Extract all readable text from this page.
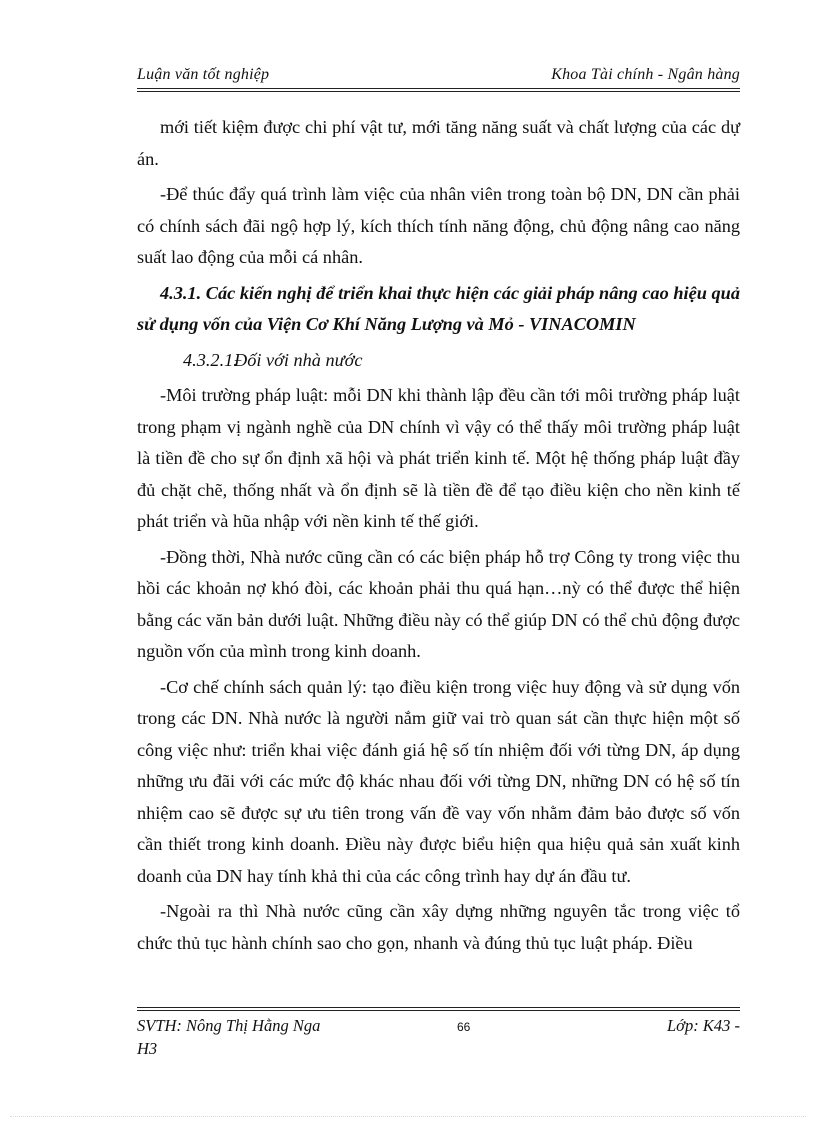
Luận văn tốt nghiệp	Khoa Tài chính - Ngân hàng

mới tiết kiệm được chi phí vật tư, mới tăng năng suất và chất lượng của các dự án.

-Để thúc đẩy quá trình làm việc của nhân viên trong toàn bộ DN, DN cần phải có chính sách đãi ngộ hợp lý, kích thích tính năng động, chủ động nâng cao năng suất lao động của mỗi cá nhân.

4.3.1. Các kiến nghị để triển khai thực hiện các giải pháp nâng cao hiệu quả sử dụng vốn của Viện Cơ Khí Năng Lượng và Mỏ - VINACOMIN

4.3.2.1.Đối với nhà nước

-Môi trường pháp luật: mỗi DN khi thành lập đều cần tới môi trường pháp luật trong phạm vị ngành nghề của DN chính vì vậy có thể thấy môi trường pháp luật là tiền đề cho sự ổn định xã hội và phát triển kinh tế. Một hệ thống pháp luật đầy đủ chặt chẽ, thống nhất và ổn định sẽ là tiền đề để tạo điều kiện cho nền kinh tế phát triển và hũa nhập với nền kinh tế thế giới.

-Đồng thời, Nhà nước cũng cần có các biện pháp hỗ trợ Công ty trong việc thu hồi các khoản nợ khó đòi, các khoản phải thu quá hạn…nỳ có thể được thể hiện bằng các văn bản dưới luật. Những điều này có thể giúp DN có thể chủ động được nguồn vốn của mình trong kinh doanh.

-Cơ chế chính sách quản lý: tạo điều kiện trong việc huy động và sử dụng vốn trong các DN. Nhà nước là người nắm giữ vai trò quan sát cần thực hiện một số công việc như: triển khai việc đánh giá hệ số tín nhiệm đối với từng DN, áp dụng những ưu đãi với các mức độ khác nhau đối với từng DN, những DN có hệ số tín nhiệm cao sẽ được sự ưu tiên trong vấn đề vay vốn nhằm đảm bảo được số vốn cần thiết trong kinh doanh. Điều này được biểu hiện qua hiệu quả sản xuất kinh doanh của DN hay tính khả thi của các công trình hay dự án đầu tư.

-Ngoài ra thì Nhà nước cũng cần xây dựng những nguyên tắc trong việc tổ chức thủ tục hành chính sao cho gọn, nhanh và đúng thủ tục luật pháp. Điều

SVTH: Nông Thị Hằng Nga	66	Lớp: K43 -
H3
